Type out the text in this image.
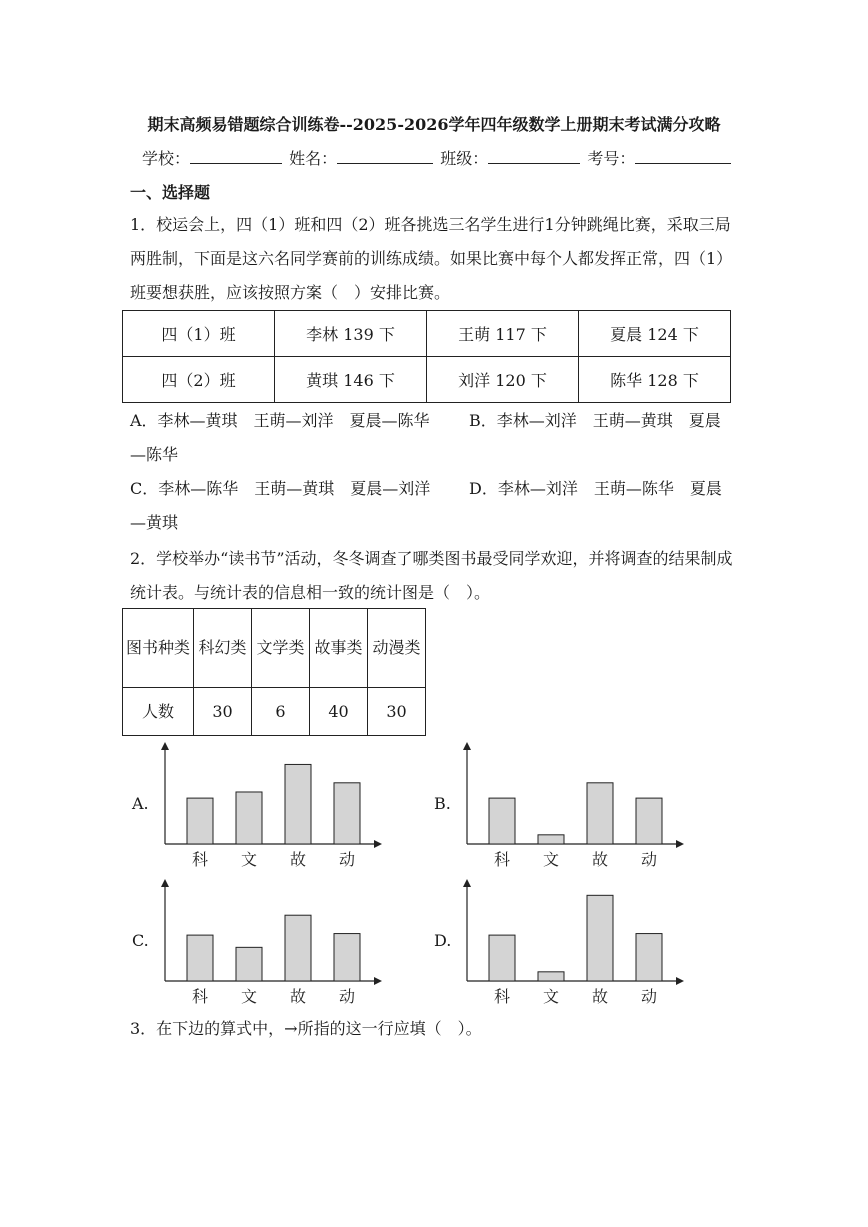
期末高频易错题综合训练卷--2025-2026学年四年级数学上册期末考试满分攻略
学校：	姓名：	班级：	考号：
一、选择题
1．校运会上，四（1）班和四（2）班各挑选三名学生进行1分钟跳绳比赛，采取三局两胜制，下面是这六名同学赛前的训练成绩。如果比赛中每个人都发挥正常，四（1）班要想获胜，应该按照方案（　）安排比赛。
四（1）班	李林 139 下	王萌 117 下	夏晨 124 下
四（2）班	黄琪 146 下	刘洋 120 下	陈华 128 下
A．李林—黄琪　王萌—刘洋　夏晨—陈华 B．李林—刘洋　王萌—黄琪　夏晨
—陈华
C．李林—陈华　王萌—黄琪　夏晨—刘洋 D．李林—刘洋　王萌—陈华　夏晨
—黄琪
2．学校举办“读书节”活动，冬冬调查了哪类图书最受同学欢迎，并将调查的结果制成统计表。与统计表的信息相一致的统计图是（　）。
图书种类	科幻类	文学类	故事类	动漫类
人数	30	6	40	30
A.	B.
C.	D.
科 文 故 动	科 文 故 动
科 文 故 动	科 文 故 动
3．在下边的算式中，→所指的这一行应填（　）。
